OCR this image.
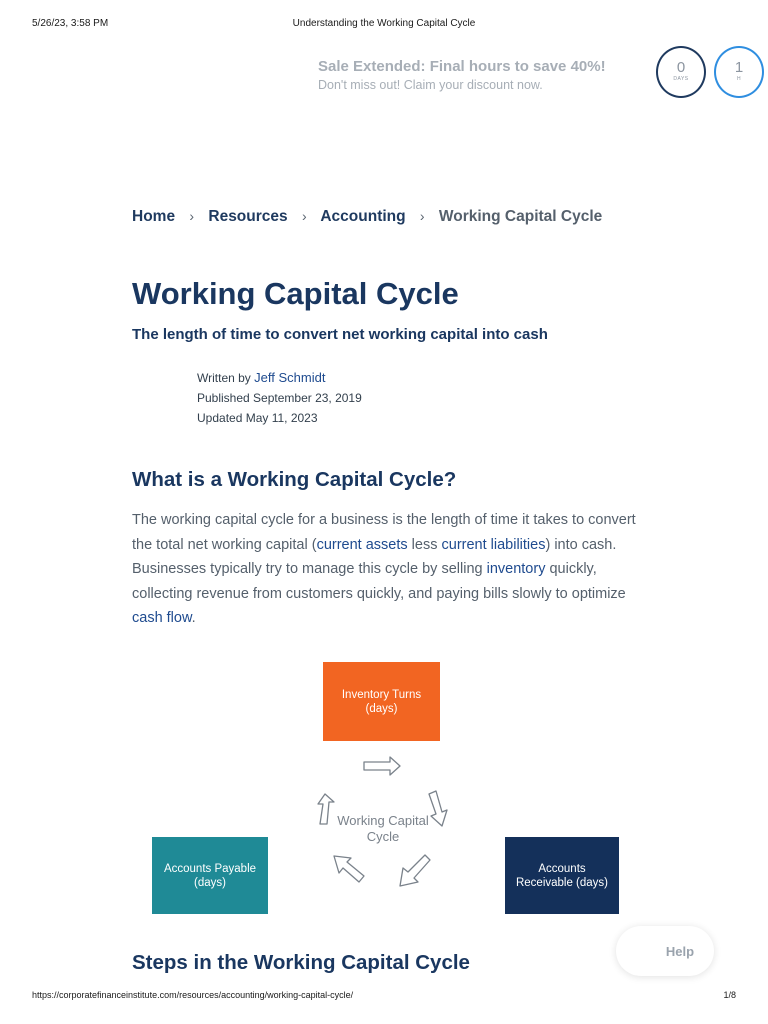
5/26/23, 3:58 PM	Understanding the Working Capital Cycle
Sale Extended: Final hours to save 40%!
Don't miss out! Claim your discount now.
0
DAYS
1
H
Home › Resources › Accounting › Working Capital Cycle
Working Capital Cycle

The length of time to convert net working capital into cash

Written by Jeff Schmidt
Published September 23, 2019
Updated May 11, 2023
What is a Working Capital Cycle?

The working capital cycle for a business is the length of time it takes to convert the total net working capital (current assets less current liabilities) into cash. Businesses typically try to manage this cycle by selling inventory quickly, collecting revenue from customers quickly, and paying bills slowly to optimize cash flow.

Inventory Turns (days)
Working Capital Cycle
Accounts Payable (days)
Accounts Receivable (days)
Steps in the Working Capital Cycle	Help
https://corporatefinanceinstitute.com/resources/accounting/working-capital-cycle/	1/8
